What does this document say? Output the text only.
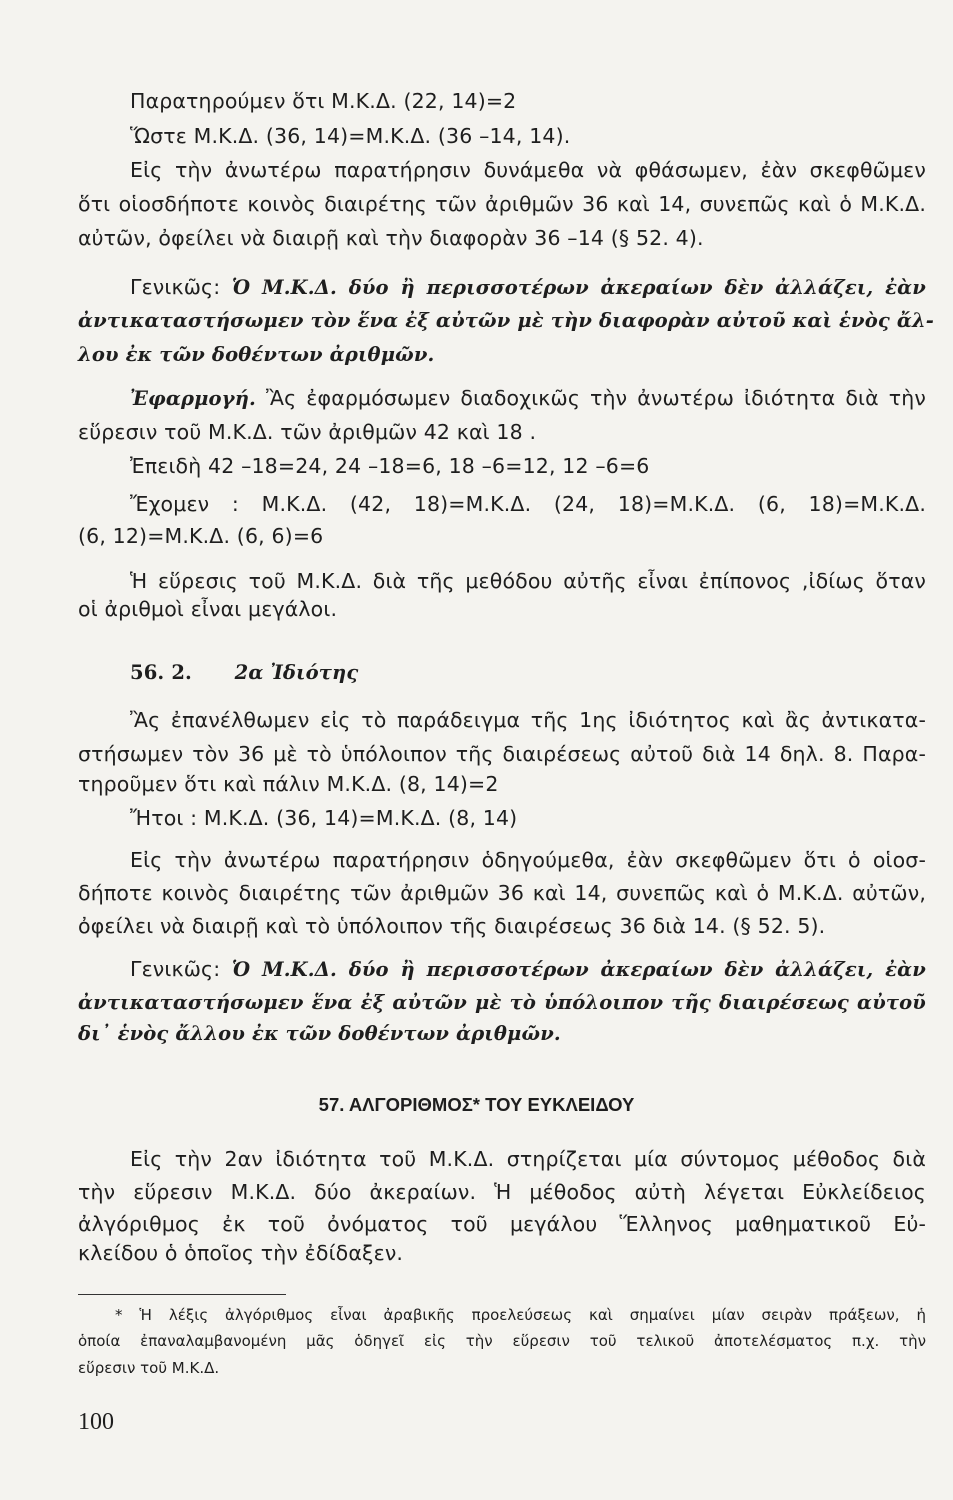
Παρατηρούμεν ὅτι Μ.Κ.Δ. (22, 14)=2
Ὥστε Μ.Κ.Δ. (36, 14)=Μ.Κ.Δ. (36 –14, 14).
Εἰς τὴν ἀνωτέρω παρατήρησιν δυνάμεθα νὰ φθάσωμεν, ἐὰν σκεφθῶμεν
ὅτι οἱοσδήποτε κοινὸς διαιρέτης τῶν ἀριθμῶν 36 καὶ 14, συνεπῶς καὶ ὁ Μ.Κ.Δ.
αὐτῶν, ὀφείλει νὰ διαιρῇ καὶ τὴν διαφορὰν 36 –14 (§ 52. 4).
Γενικῶς: Ὁ Μ.Κ.Δ. δύο ἢ περισσοτέρων ἀκεραίων δὲν ἀλλάζει, ἐὰν
ἀντικαταστήσωμεν τὸν ἕνα ἐξ αὐτῶν μὲ τὴν διαφορὰν αὐτοῦ καὶ ἑνὸς ἄλ-
λου ἐκ τῶν δοθέντων ἀριθμῶν.
Ἐφαρμογή. Ἂς ἐφαρμόσωμεν διαδοχικῶς τὴν ἀνωτέρω ἰδιότητα διὰ τὴν
εὕρεσιν τοῦ Μ.Κ.Δ. τῶν ἀριθμῶν 42 καὶ 18 .
Ἐπειδὴ 42 –18=24, 24 –18=6, 18 –6=12, 12 –6=6
Ἔχομεν : Μ.Κ.Δ. (42, 18)=Μ.Κ.Δ. (24, 18)=Μ.Κ.Δ. (6, 18)=Μ.Κ.Δ.
(6, 12)=Μ.Κ.Δ. (6, 6)=6
Ἡ εὕρεσις τοῦ Μ.Κ.Δ. διὰ τῆς μεθόδου αὐτῆς εἶναι ἐπίπονος ,ἰδίως ὅταν
οἱ ἀριθμοὶ εἶναι μεγάλοι.
56. 2. 2α Ἰδιότης
Ἂς ἐπανέλθωμεν εἰς τὸ παράδειγμα τῆς 1ης ἰδιότητος καὶ ἂς ἀντικατα-
στήσωμεν τὸν 36 μὲ τὸ ὑπόλοιπον τῆς διαιρέσεως αὐτοῦ διὰ 14 δηλ. 8. Παρα-
τηροῦμεν ὅτι καὶ πάλιν Μ.Κ.Δ. (8, 14)=2
Ἤτοι : Μ.Κ.Δ. (36, 14)=Μ.Κ.Δ. (8, 14)
Εἰς τὴν ἀνωτέρω παρατήρησιν ὁδηγούμεθα, ἐὰν σκεφθῶμεν ὅτι ὁ οἱοσ-
δήποτε κοινὸς διαιρέτης τῶν ἀριθμῶν 36 καὶ 14, συνεπῶς καὶ ὁ Μ.Κ.Δ. αὐτῶν,
ὀφείλει νὰ διαιρῇ καὶ τὸ ὑπόλοιπον τῆς διαιρέσεως 36 διὰ 14. (§ 52. 5).
Γενικῶς: Ὁ Μ.Κ.Δ. δύο ἢ περισσοτέρων ἀκεραίων δὲν ἀλλάζει, ἐὰν
ἀντικαταστήσωμεν ἕνα ἐξ αὐτῶν μὲ τὸ ὑπόλοιπον τῆς διαιρέσεως αὐτοῦ
δι᾽ ἑνὸς ἄλλου ἐκ τῶν δοθέντων ἀριθμῶν.
57. ΑΛΓΟΡΙΘΜΟΣ* ΤΟΥ ΕΥΚΛΕΙΔΟΥ
Εἰς τὴν 2αν ἰδιότητα τοῦ Μ.Κ.Δ. στηρίζεται μία σύντομος μέθοδος διὰ
τὴν εὕρεσιν Μ.Κ.Δ. δύο ἀκεραίων. Ἡ μέθοδος αὐτὴ λέγεται Εὐκλείδειος
ἀλγόριθμος ἐκ τοῦ ὀνόματος τοῦ μεγάλου Ἕλληνος μαθηματικοῦ Εὐ-
κλείδου ὁ ὁποῖος τὴν ἐδίδαξεν.
* Ἡ λέξις ἀλγόριθμος εἶναι ἀραβικῆς προελεύσεως καὶ σημαίνει μίαν σειρὰν πράξεων, ἡ
ὁποία ἐπαναλαμβανομένη μᾶς ὁδηγεῖ εἰς τὴν εὕρεσιν τοῦ τελικοῦ ἀποτελέσματος π.χ. τὴν
εὕρεσιν τοῦ Μ.Κ.Δ.
100
